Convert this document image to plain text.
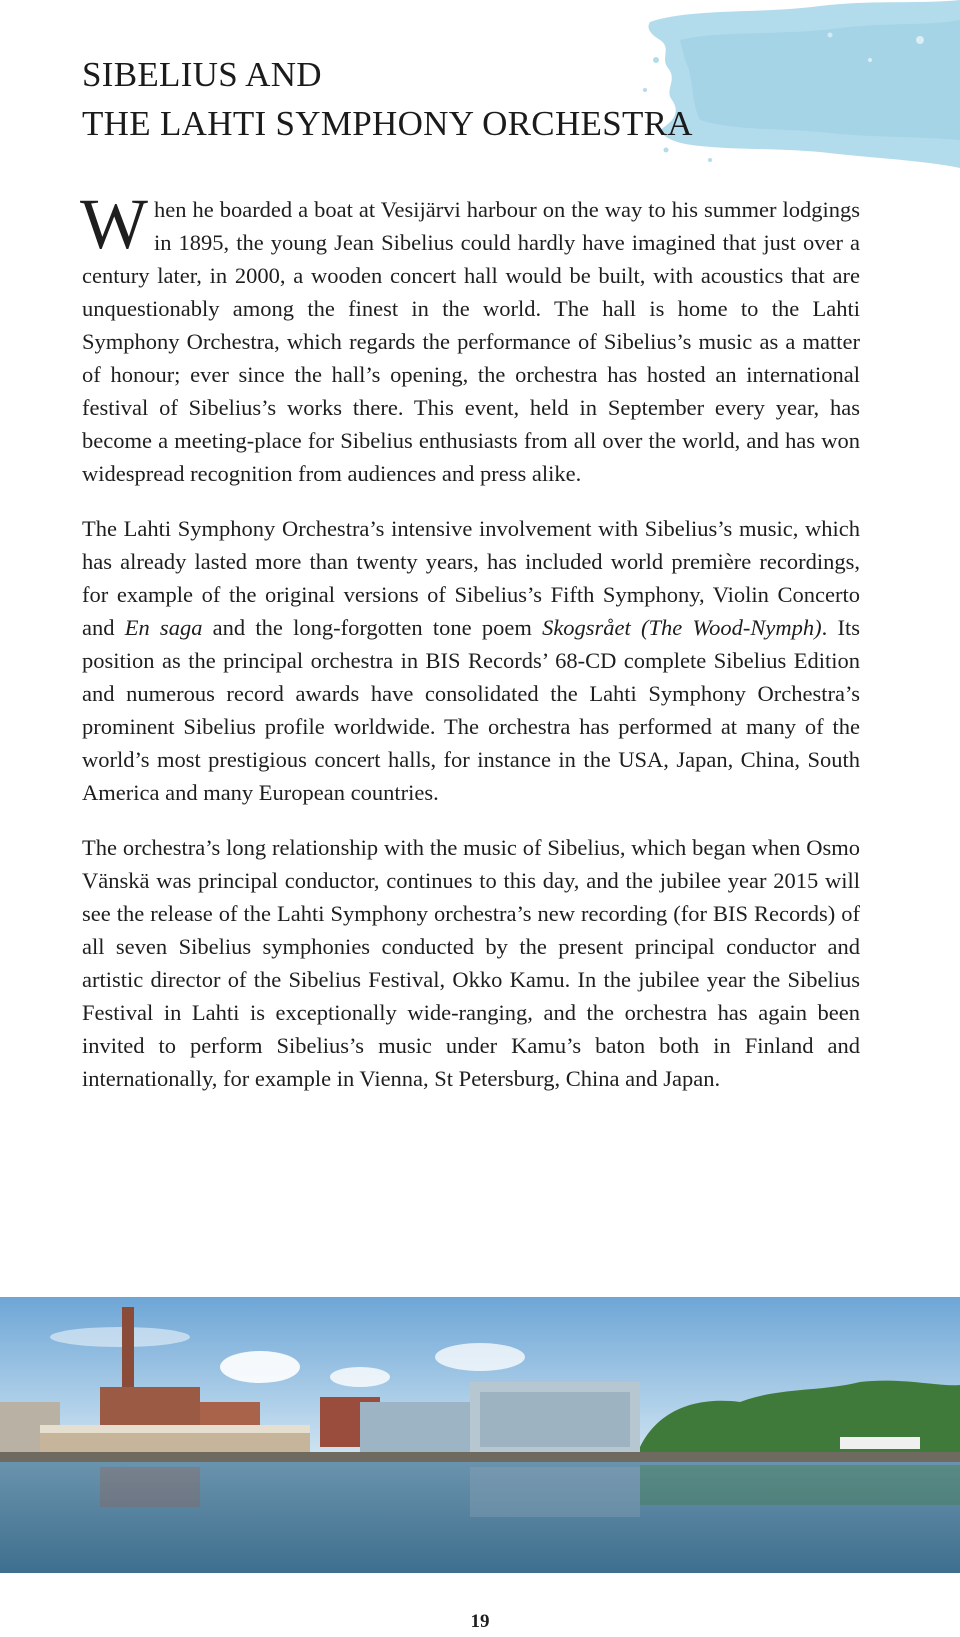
SIBELIUS AND
THE LAHTI SYMPHONY ORCHESTRA

When he boarded a boat at Vesijärvi harbour on the way to his summer lodgings in 1895, the young Jean Sibelius could hardly have imagined that just over a century later, in 2000, a wooden concert hall would be built, with acoustics that are unquestionably among the finest in the world. The hall is home to the Lahti Symphony Orchestra, which regards the performance of Sibelius’s music as a matter of honour; ever since the hall’s opening, the orchestra has hosted an international festival of Sibelius’s works there. This event, held in September every year, has become a meeting-place for Sibelius enthusiasts from all over the world, and has won widespread recognition from audiences and press alike.

The Lahti Symphony Orchestra’s intensive involvement with Sibelius’s music, which has already lasted more than twenty years, has included world première recordings, for example of the original versions of Sibelius’s Fifth Symphony, Violin Concerto and En saga and the long-forgotten tone poem Skogsrået (The Wood-Nymph). Its position as the principal orchestra in BIS Records’ 68-CD complete Sibelius Edition and numerous record awards have consolidated the Lahti Symphony Orchestra’s prominent Sibelius profile worldwide. The orchestra has performed at many of the world’s most prestigious concert halls, for instance in the USA, Japan, China, South America and many European countries.

The orchestra’s long relationship with the music of Sibelius, which began when Osmo Vänskä was principal conductor, continues to this day, and the jubilee year 2015 will see the release of the Lahti Symphony orchestra’s new recording (for BIS Records) of all seven Sibelius symphonies conducted by the present principal conductor and artistic director of the Sibelius Festival, Okko Kamu. In the jubilee year the Sibelius Festival in Lahti is exceptionally wide-ranging, and the orchestra has again been invited to perform Sibelius’s music under Kamu’s baton both in Finland and internationally, for example in Vienna, St Petersburg, China and Japan.

19
